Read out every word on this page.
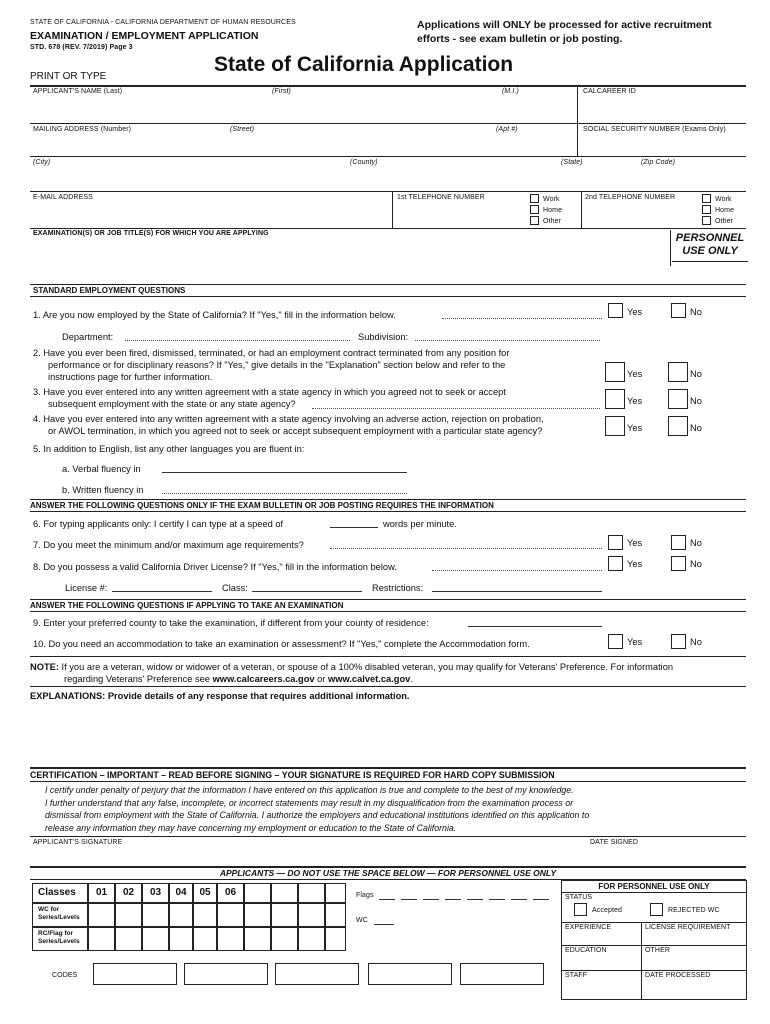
STATE OF CALIFORNIA - CALIFORNIA DEPARTMENT OF HUMAN RESOURCES
EXAMINATION / EMPLOYMENT APPLICATION
STD. 678 (REV. 7/2019) Page 3
Applications will ONLY be processed for active recruitment
efforts - see exam bulletin or job posting.
State of California Application
PRINT OR TYPE
APPLICANT'S NAME (Last)	(First)	(M.I.)	CALCAREER ID
MAILING ADDRESS (Number)	(Street)	(Apt #)	SOCIAL SECURITY NUMBER (Exams Only)
(City)	(County)	(State)	(Zip Code)
E-MAIL ADDRESS	1st TELEPHONE NUMBER	Work
Home
Other
2nd TELEPHONE NUMBER	Work
Home
Other
EXAMINATION(S) OR JOB TITLE(S) FOR WHICH YOU ARE APPLYING	PERSONNEL
USE ONLY
STANDARD EMPLOYMENT QUESTIONS
1. Are you now employed by the State of California? If "Yes," fill in the information below.	Yes	No
Department:	Subdivision:
2. Have you ever been fired, dismissed, terminated, or had an employment contract terminated from any position for
performance or for disciplinary reasons? If "Yes," give details in the "Explanation" section below and refer to the
instructions page for further information.	Yes	No
3. Have you ever entered into any written agreement with a state agency in which you agreed not to seek or accept
subsequent employment with the state or any state agency?	Yes	No
4. Have you ever entered into any written agreement with a state agency involving an adverse action, rejection on probation,
or AWOL termination, in which you agreed not to seek or accept subsequent employment with a particular state agency?	Yes	No
5. In addition to English, list any other languages you are fluent in:
a. Verbal fluency in
b. Written fluency in
ANSWER THE FOLLOWING QUESTIONS ONLY IF THE EXAM BULLETIN OR JOB POSTING REQUIRES THE INFORMATION
6. For typing applicants only: I certify I can type at a speed of	words per minute.
7. Do you meet the minimum and/or maximum age requirements?	Yes	No
8. Do you possess a valid California Driver License? If "Yes," fill in the information below.	Yes	No
License #:	Class:	Restrictions:
ANSWER THE FOLLOWING QUESTIONS IF APPLYING TO TAKE AN EXAMINATION
9. Enter your preferred county to take the examination, if different from your county of residence:
10. Do you need an accommodation to take an examination or assessment? If "Yes," complete the Accommodation form.	Yes	No
NOTE: If you are a veteran, widow or widower of a veteran, or spouse of a 100% disabled veteran, you may qualify for Veterans' Preference. For information
regarding Veterans' Preference see www.calcareers.ca.gov or www.calvet.ca.gov.
EXPLANATIONS: Provide details of any response that requires additional information.
CERTIFICATION – IMPORTANT – READ BEFORE SIGNING – YOUR SIGNATURE IS REQUIRED FOR HARD COPY SUBMISSION
I certify under penalty of perjury that the information I have entered on this application is true and complete to the best of my knowledge.
I further understand that any false, incomplete, or incorrect statements may result in my disqualification from the examination process or
dismissal from employment with the State of California. I authorize the employers and educational institutions identified on this application to
release any information they may have concerning my employment or education to the State of California.
APPLICANT'S SIGNATURE	DATE SIGNED
APPLICANTS — DO NOT USE THE SPACE BELOW — FOR PERSONNEL USE ONLY
Classes	01	02	03	04	05	06
WC for Series/Levels
RC/Flag for Series/Levels
Flags
WC
CODES
FOR PERSONNEL USE ONLY
STATUS
Accepted	REJECTED WC
EXPERIENCE	LICENSE REQUIREMENT
EDUCATION	OTHER
STAFF	DATE PROCESSED
